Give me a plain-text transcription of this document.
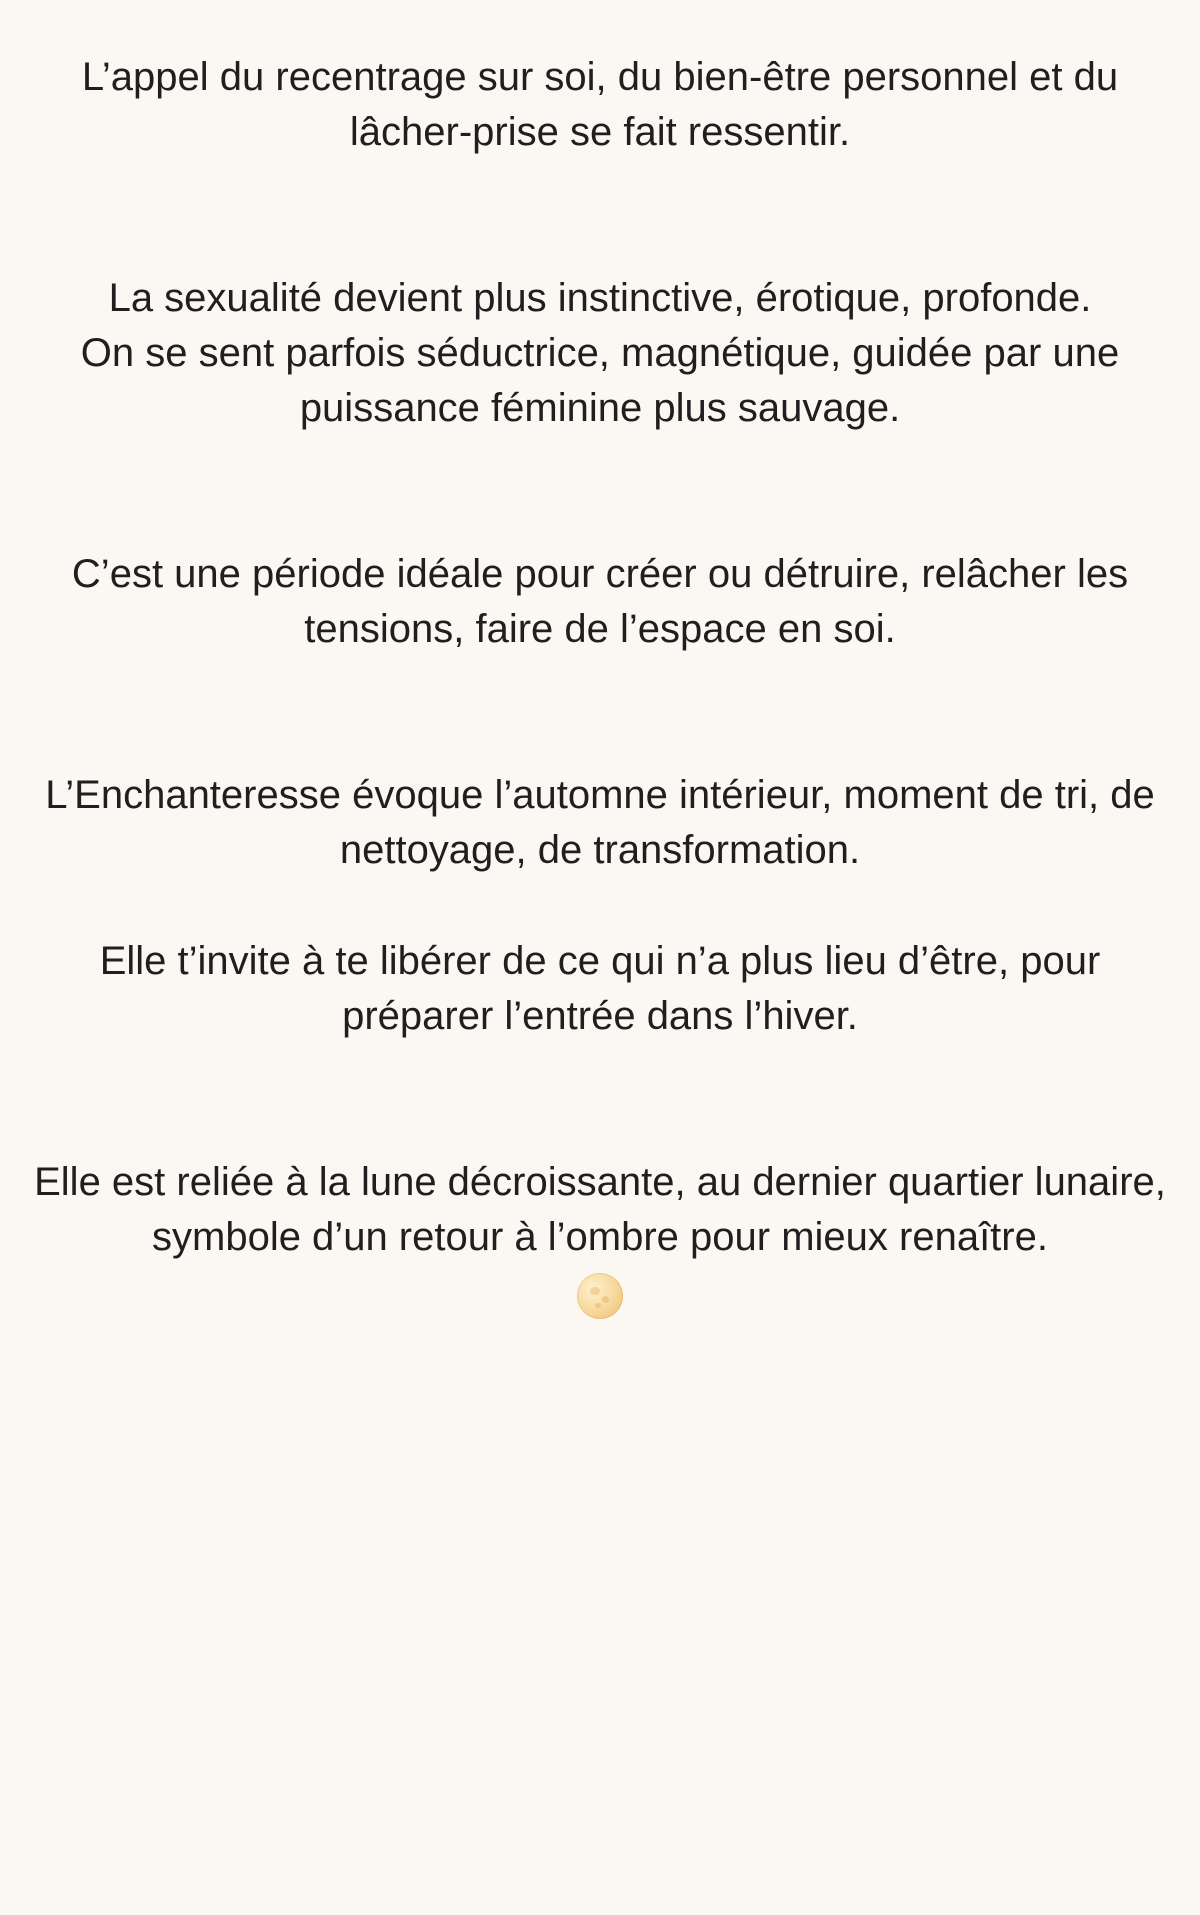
L’appel du recentrage sur soi, du bien-être personnel et du
lâcher-prise se fait ressentir.

La sexualité devient plus instinctive, érotique, profonde.
On se sent parfois séductrice, magnétique, guidée par une
puissance féminine plus sauvage.

C’est une période idéale pour créer ou détruire, relâcher les
tensions, faire de l’espace en soi.

L’Enchanteresse évoque l’automne intérieur, moment de tri, de
nettoyage, de transformation.

Elle t’invite à te libérer de ce qui n’a plus lieu d’être, pour
préparer l’entrée dans l’hiver.

Elle est reliée à la lune décroissante, au dernier quartier lunaire,
symbole d’un retour à l’ombre pour mieux renaître.
